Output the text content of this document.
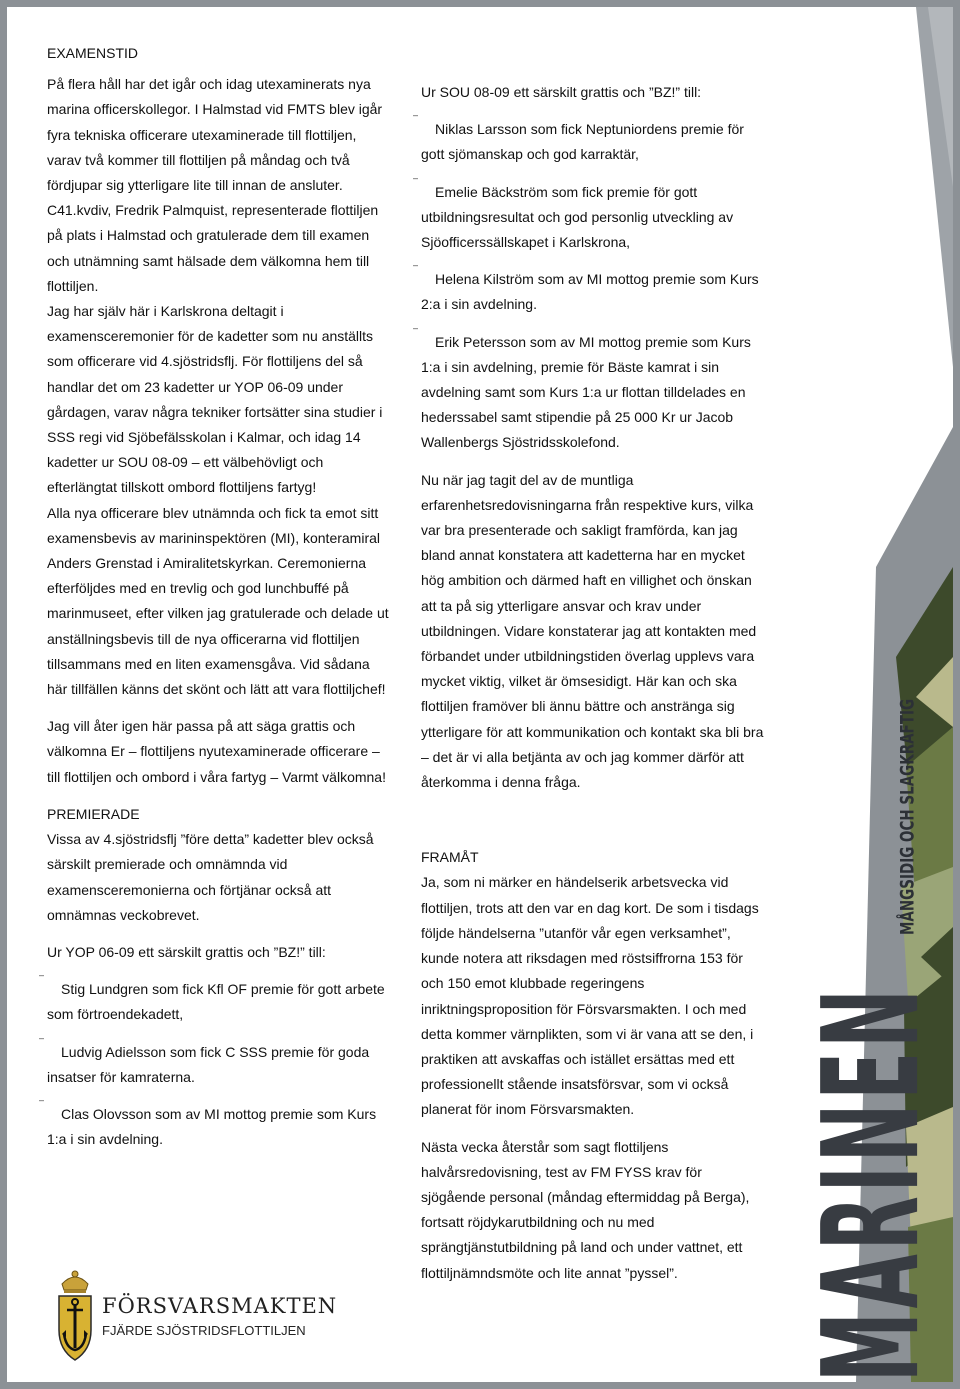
EXAMENSTID

På flera håll har det igår och idag utexaminerats nya marina officerskollegor. I Halmstad vid FMTS blev igår fyra tekniska officerare utexaminerade till flottiljen, varav två kommer till flottiljen på måndag och två fördjupar sig ytterligare lite till innan de ansluter. C41.kvdiv, Fredrik Palmquist, representerade flottiljen på plats i Halmstad och gratulerade dem till examen och utnämning samt hälsade dem välkomna hem till flottiljen.

Jag har själv här i Karlskrona deltagit i examensceremonier för de kadetter som nu anställts som officerare vid 4.sjöstridsflj. För flottiljens del så handlar det om 23 kadetter ur YOP 06-09 under gårdagen, varav några tekniker fortsätter sina studier i SSS regi vid Sjöbefälsskolan i Kalmar, och idag 14 kadetter ur SOU 08-09 – ett välbehövligt och efterlängtat tillskott ombord flottiljens fartyg!

Alla nya officerare blev utnämnda och fick ta emot sitt examensbevis av marininspektören (MI), konteramiral Anders Grenstad i Amiralitetskyrkan. Ceremonierna efterföljdes med en trevlig och god lunchbuffé på marinmuseet, efter vilken jag gratulerade och delade ut anställningsbevis till de nya officerarna vid flottiljen tillsammans med en liten examensgåva. Vid sådana här tillfällen känns det skönt och lätt att vara flottiljchef!

Jag vill åter igen här passa på att säga grattis och välkomna Er – flottiljens nyutexaminerade officerare – till flottiljen och ombord i våra fartyg – Varmt välkomna!

PREMIERADE

Vissa av 4.sjöstridsflj ”före detta” kadetter blev också särskilt premierade och omnämnda vid examensceremonierna och förtjänar också att omnämnas veckobrevet.

Ur YOP 06-09 ett särskilt grattis och ”BZ!” till:

–
Stig Lundgren som fick Kfl OF premie för gott arbete som förtroendekadett,
–
Ludvig Adielsson som fick C SSS premie för goda insatser för kamraterna.
–
Clas Olovsson som av MI mottog premie som Kurs 1:a i sin avdelning.

Ur SOU 08-09 ett särskilt grattis och ”BZ!” till:

–
Niklas Larsson som fick Neptuniordens premie för gott sjömanskap och god karraktär,
–
Emelie Bäckström som fick premie för gott utbildningsresultat och god personlig utveckling av Sjöofficerssällskapet i Karlskrona,
–
Helena Kilström som av MI mottog premie som Kurs 2:a i sin avdelning.
–
Erik Petersson som av MI mottog premie som Kurs 1:a i sin avdelning, premie för Bäste kamrat i sin avdelning samt som Kurs 1:a ur flottan tilldelades en hederssabel samt stipendie på 25 000 Kr ur Jacob Wallenbergs Sjöstridsskolefond.

Nu när jag tagit del av de muntliga erfarenhetsredovisningarna från respektive kurs, vilka var bra presenterade och sakligt framförda, kan jag bland annat konstatera att kadetterna har en mycket hög ambition och därmed haft en villighet och önskan att ta på sig ytterligare ansvar och krav under utbildningen. Vidare konstaterar jag att kontakten med förbandet under utbildningstiden överlag upplevs vara mycket viktig, vilket är ömsesidigt. Här kan och ska flottiljen framöver bli ännu bättre och anstränga sig ytterligare för att kommunikation och kontakt ska bli bra – det är vi alla betjänta av och jag kommer därför att återkomma i denna fråga.

FRAMÅT

Ja, som ni märker en händelserik arbetsvecka vid flottiljen, trots att den var en dag kort. De som i tisdags följde händelserna ”utanför vår egen verksamhet”, kunde notera att riksdagen med röstsiffrorna 153 för och 150 emot klubbade regeringens inriktningsproposition för Försvarsmakten. I och med detta kommer värnplikten, som vi är vana att se den, i praktiken att avskaffas och istället ersättas med ett professionellt stående insatsförsvar, som vi också planerat för inom Försvarsmakten.

Nästa vecka återstår som sagt flottiljens halvårsredovisning, test av FM FYSS krav för sjögående personal (måndag eftermiddag på Berga), fortsatt röjdykarutbildning och nu med sprängtjänstutbildning på land och under vattnet, ett flottiljnämndsmöte och lite annat ”pyssel”.	MARINEN
MÅNGSIDIG OCH SLAGKRAFTIG
FÖRSVARSMAKTEN
FJÄRDE SJÖSTRIDSFLOTTILJEN
